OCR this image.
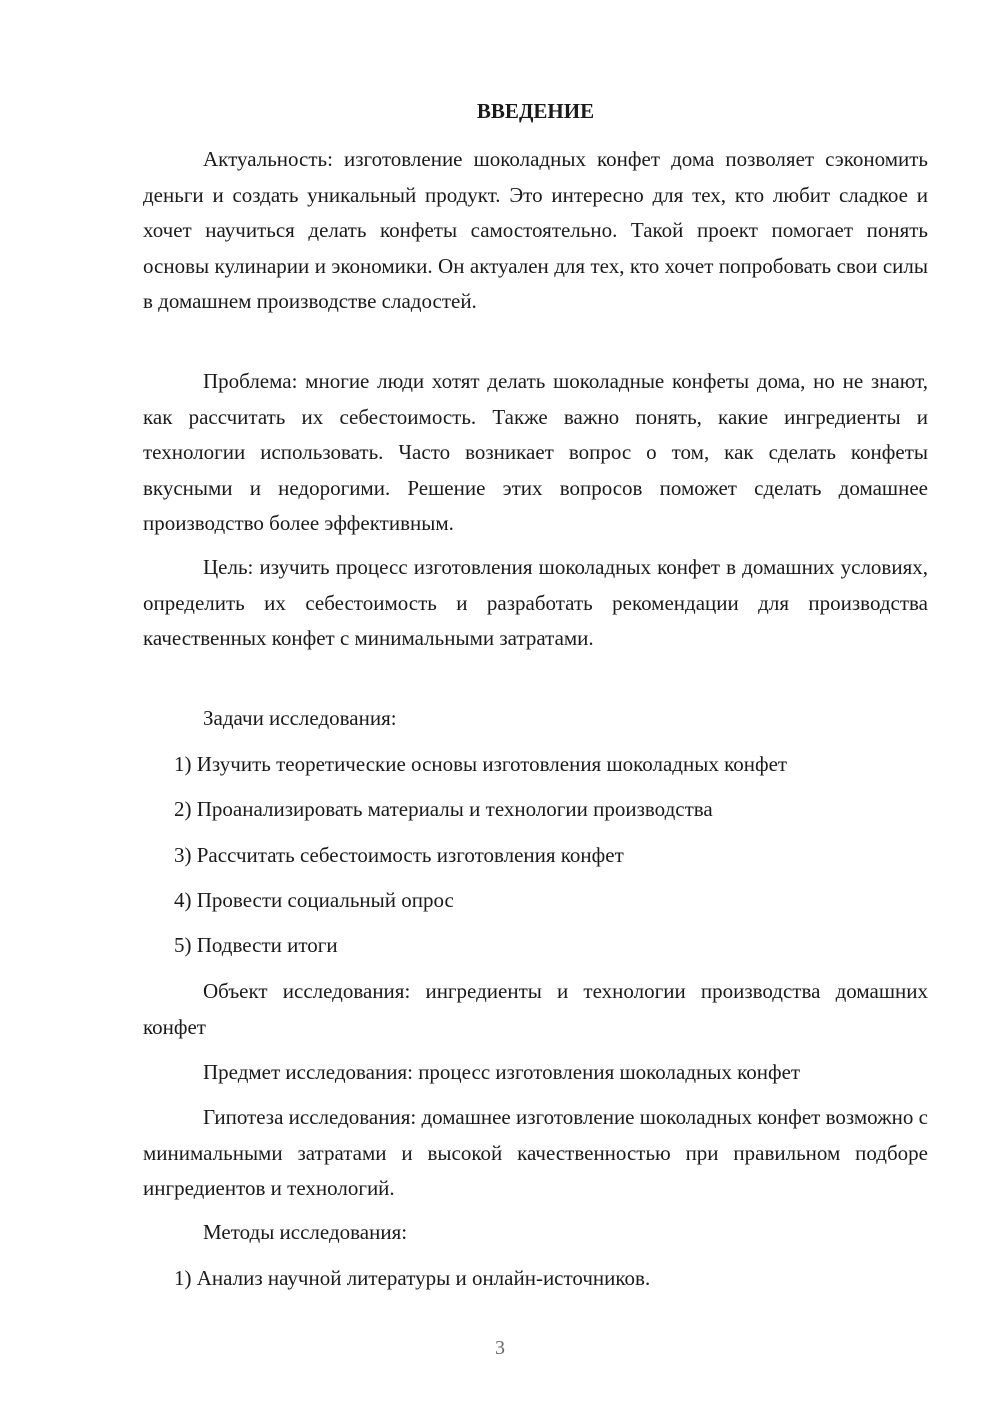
ВВЕДЕНИЕ

Актуальность: изготовление шоколадных конфет дома позволяет сэкономить деньги и создать уникальный продукт. Это интересно для тех, кто любит сладкое и хочет научиться делать конфеты самостоятельно. Такой проект помогает понять основы кулинарии и экономики. Он актуален для тех, кто хочет попробовать свои силы в домашнем производстве сладостей.

Проблема: многие люди хотят делать шоколадные конфеты дома, но не знают, как рассчитать их себестоимость. Также важно понять, какие ингредиенты и технологии использовать. Часто возникает вопрос о том, как сделать конфеты вкусными и недорогими. Решение этих вопросов поможет сделать домашнее производство более эффективным.

Цель: изучить процесс изготовления шоколадных конфет в домашних условиях, определить их себестоимость и разработать рекомендации для производства качественных конфет с минимальными затратами.

Задачи исследования:

1) Изучить теоретические основы изготовления шоколадных конфет

2) Проанализировать материалы и технологии производства

3) Рассчитать себестоимость изготовления конфет

4) Провести социальный опрос

5) Подвести итоги

Объект исследования: ингредиенты и технологии производства домашних конфет

Предмет исследования: процесс изготовления шоколадных конфет

Гипотеза исследования: домашнее изготовление шоколадных конфет возможно с минимальными затратами и высокой качественностью при правильном подборе ингредиентов и технологий.

Методы исследования:

1) Анализ научной литературы и онлайн-источников.

3
